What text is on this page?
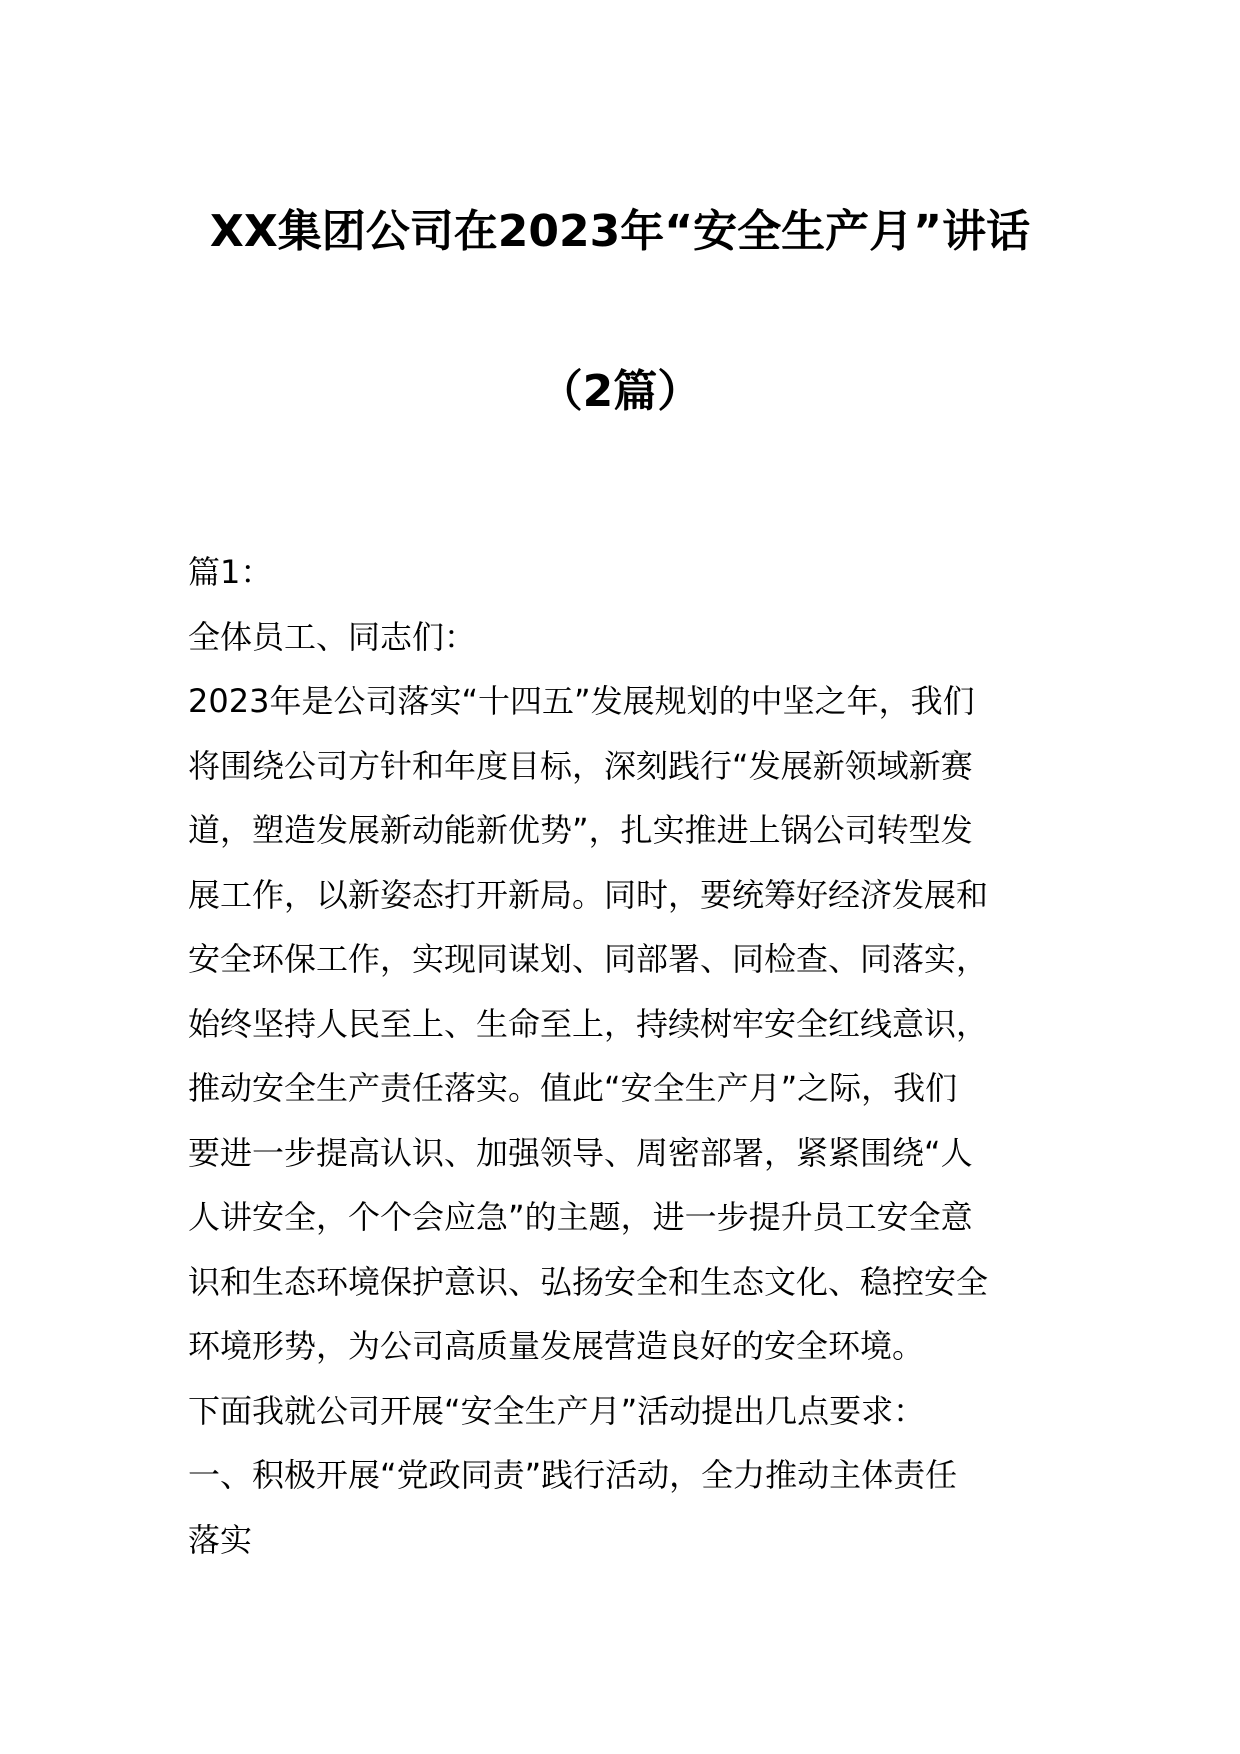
XX集团公司在2023年“安全生产月”讲话
（2篇）
篇1：
全体员工、同志们：
2023年是公司落实“十四五”发展规划的中坚之年，我们
将围绕公司方针和年度目标，深刻践行“发展新领域新赛
道，塑造发展新动能新优势”，扎实推进上锅公司转型发
展工作，以新姿态打开新局。同时，要统筹好经济发展和
安全环保工作，实现同谋划、同部署、同检查、同落实，
始终坚持人民至上、生命至上，持续树牢安全红线意识，
推动安全生产责任落实。值此“安全生产月”之际，我们
要进一步提高认识、加强领导、周密部署，紧紧围绕“人
人讲安全，个个会应急”的主题，进一步提升员工安全意
识和生态环境保护意识、弘扬安全和生态文化、稳控安全
环境形势，为公司高质量发展营造良好的安全环境。
下面我就公司开展“安全生产月”活动提出几点要求：
一、积极开展“党政同责”践行活动，全力推动主体责任
落实
